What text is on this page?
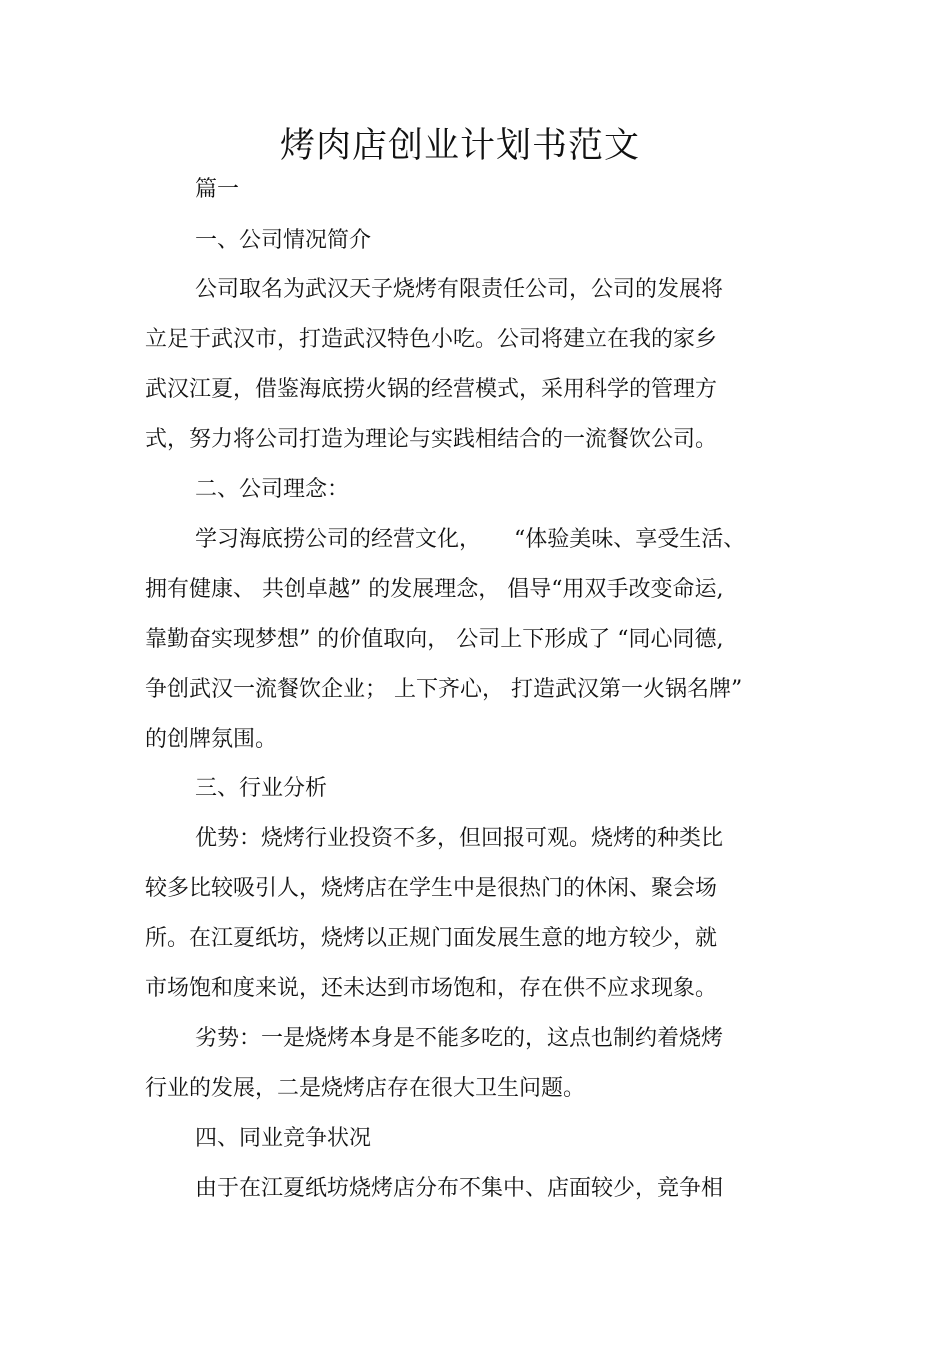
烤肉店创业计划书范文
篇一
一、公司情况简介
公司取名为武汉天子烧烤有限责任公司，公司的发展将
立足于武汉市，打造武汉特色小吃。公司将建立在我的家乡
武汉江夏，借鉴海底捞火锅的经营模式，采用科学的管理方
式，努力将公司打造为理论与实践相结合的一流餐饮公司。
二、公司理念：
学习海底捞公司的经营文化，　　“体验美味、享受生活、
拥有健康、 共创卓越” 的发展理念， 倡导“用双手改变命运,
靠勤奋实现梦想” 的价值取向， 公司上下形成了 “同心同德,
争创武汉一流餐饮企业； 上下齐心， 打造武汉第一火锅名牌”
的创牌氛围。
三、行业分析
优势：烧烤行业投资不多，但回报可观。烧烤的种类比
较多比较吸引人，烧烤店在学生中是很热门的休闲、聚会场
所。在江夏纸坊，烧烤以正规门面发展生意的地方较少，就
市场饱和度来说，还未达到市场饱和，存在供不应求现象。
劣势：一是烧烤本身是不能多吃的，这点也制约着烧烤
行业的发展，二是烧烤店存在很大卫生问题。
四、同业竞争状况
由于在江夏纸坊烧烤店分布不集中、店面较少，竞争相
